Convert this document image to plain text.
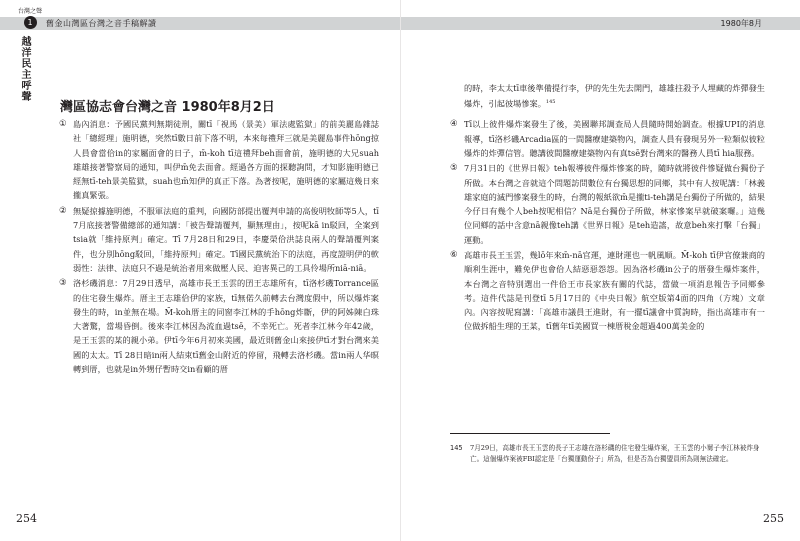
台灣之聲
1
越洋民主呼聲
舊金山灣區台灣之音手稿解讀
灣區協志會台灣之音 1980年8月2日
① 島內消息：予國民黨判無期徒刑，關tī「視馬（景美）軍法處監獄」的前美麗島雜誌社「總經理」施明德，突然tī數日前下落不明，本來每禮拜三就是美麗島事件hōng掠人員會當佮in的家屬面會的日子，m̄-koh tī這禮拜beh面會前，施明德的大兄suah雄雄接著警察局的通知，叫伊m̄免去面會。經過各方面的探聽詢問，才知影施明德已經無tī-teh景美監獄，suah也m̄知伊的真正下落。為著按呢，施明德的家屬這幾日來攏真緊張。
② 無疑掠據施明德，不服軍法庭的重判，向國防部提出覆判申請的高俊明牧師等5人，tī 7月底接著警備總部的通知講：「被告聲請覆判，顯無理由」，按呢kā in駁回，全案到tsia就「維持原判」確定。Tī 7月28日和29日，李慶榮佮洪誌良兩人的聲請覆判案件，也分別hōng駁回，「維持原判」確定。Tī國民黨統治下的法庭，再度證明伊的軟弱性：法律、法庭只不過是統治者用來做壓人民、迫害異己的工具伶場所niā-niā。
③ 洛杉磯消息：7月29日透早，高雄市長王玉雲的囝王志雄所有，tī洛杉磯Torrance區的住宅發生爆炸。厝主王志雄佮伊的家族，tī無偌久前轉去台灣度假中，所以爆炸案發生的時，in並無在場。M̄-koh厝主的同窗李江林的手hōng炸斷，伊的阿姊陳白珠大著驚，當場昏倒。後來李江林因為流血過tsē，不幸死亡。死者李江林今年42歲，是王玉雲的某的親小弟。伊tī今年6月初來美國，最近則舊金山來接伊tī才對台灣來美國的太太。Tī 28日暗in兩人結束tī舊金山附近的停留，飛轉去洛杉磯。當in兩人华暝轉到厝，也就是in外甥仔暫時交in看顧的厝
254
1980年8月
的時，李太太tī車後準備提行李，伊的先生先去開門，雄雄拄殺予人埋藏的炸彈發生爆炸，引起彼場慘案。$^{145}$
④ Tī以上彼件爆炸案發生了後，美國聯邦調查局人員隨時開始調查。根據UPI的消息報導，tī洛杉磯Arcadia區的一間醫療建築物內，調查人員有發現另外一粒類似彼粒爆炸的炸彈信管。聽講彼間醫療建築物內有真tsē對台灣來的醫務人員tī hia服務。
⑤ 7月31日的《世界日報》teh報導彼件爆炸慘案的時，隨時就將彼件慘疑做台獨份子所做。本台灣之音就這个問題訪問數位有台獨思想的同鄉，其中有人按呢講：「林義雄家庭的滅門慘案發生的時，台灣的報紙欲m̄是攏ti-teh講是台獨份子所做的，結果今仔日有幾个人beh按呢相信？Nā是台獨份子所做，林家慘案早就破案囉。」這幾位同鄉的話中含意nā親像teh講《世界日報》是teh造謠，故意beh來打擊「台獨」運動。
⑥ 高雄市長王玉雲，幾lō年來m̄-nā官運，連財運也一帆風順。M̄-koh tī伊官僚兼商的順利生涯中，難免伊也會佮人結惡惡怨怨。因為洛杉磯in公子的厝發生爆炸案件，本台灣之音特別選出一件佮王市長家族有關的代誌，當做一項消息報告予同鄉參考。這件代誌是刊登tī 5月17日的《中央日報》航空版第4面的四角（方塊）文章內。內容按呢寫講：「高雄市議員王進財，有一擺tī議會中質詢時，指出高雄市有一位做拆船生理的王某，tī舊年tī美國買一棟厝稅金超過400萬美金的
145	7月29日，高雄市長王玉雲的長子王志雄在洛杉磯的住宅發生爆炸案，王玉雲的小舅子李江林被炸身亡。這個爆炸案被FBI認定是「台獨運動份子」所為，但是否為台獨盟員所為則無法確定。
255
